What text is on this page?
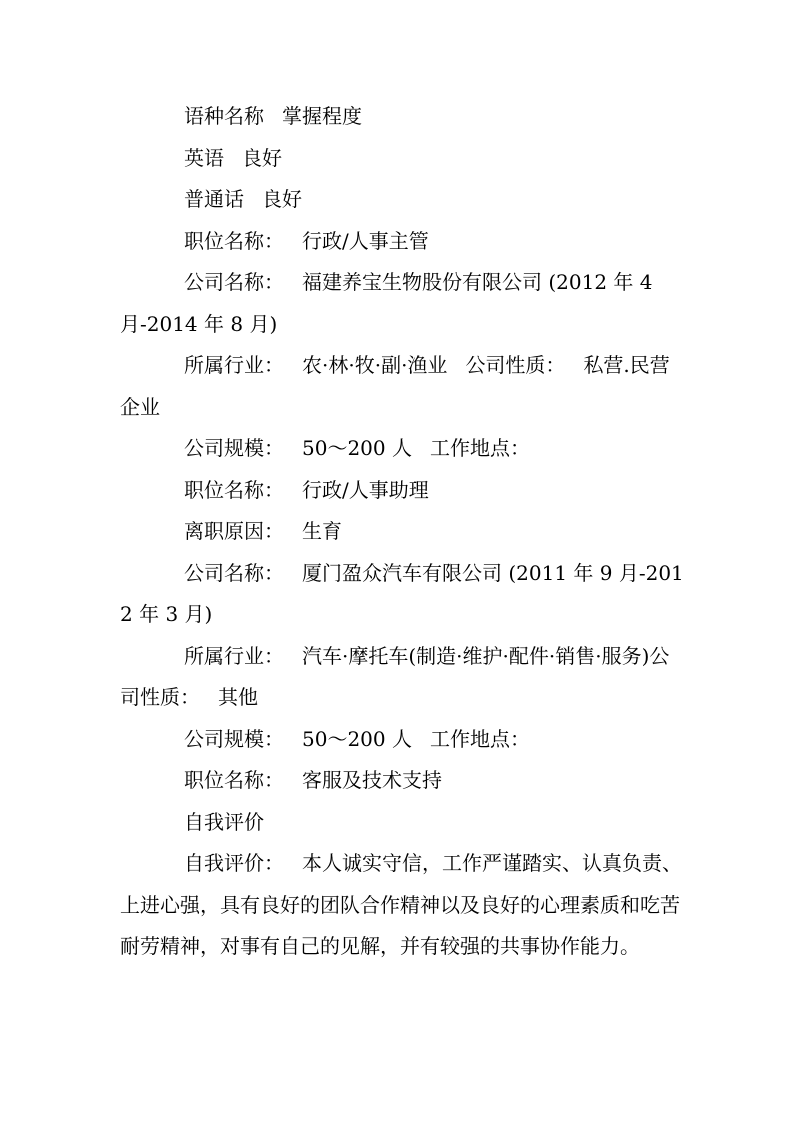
语种名称 掌握程度

英语 良好

普通话 良好

职位名称： 行政/人事主管

公司名称： 福建养宝生物股份有限公司 (2012 年 4 月-2014 年 8 月)

所属行业： 农·林·牧·副·渔业 公司性质： 私营.民营企业

公司规模： 50～200 人 工作地点：

职位名称： 行政/人事助理

离职原因： 生育

公司名称： 厦门盈众汽车有限公司 (2011 年 9 月-2012 年 3 月)

所属行业： 汽车·摩托车(制造·维护·配件·销售·服务)公司性质： 其他

公司规模： 50～200 人 工作地点：

职位名称： 客服及技术支持

自我评价

自我评价： 本人诚实守信，工作严谨踏实、认真负责、上进心强，具有良好的团队合作精神以及良好的心理素质和吃苦耐劳精神，对事有自己的见解，并有较强的共事协作能力。
